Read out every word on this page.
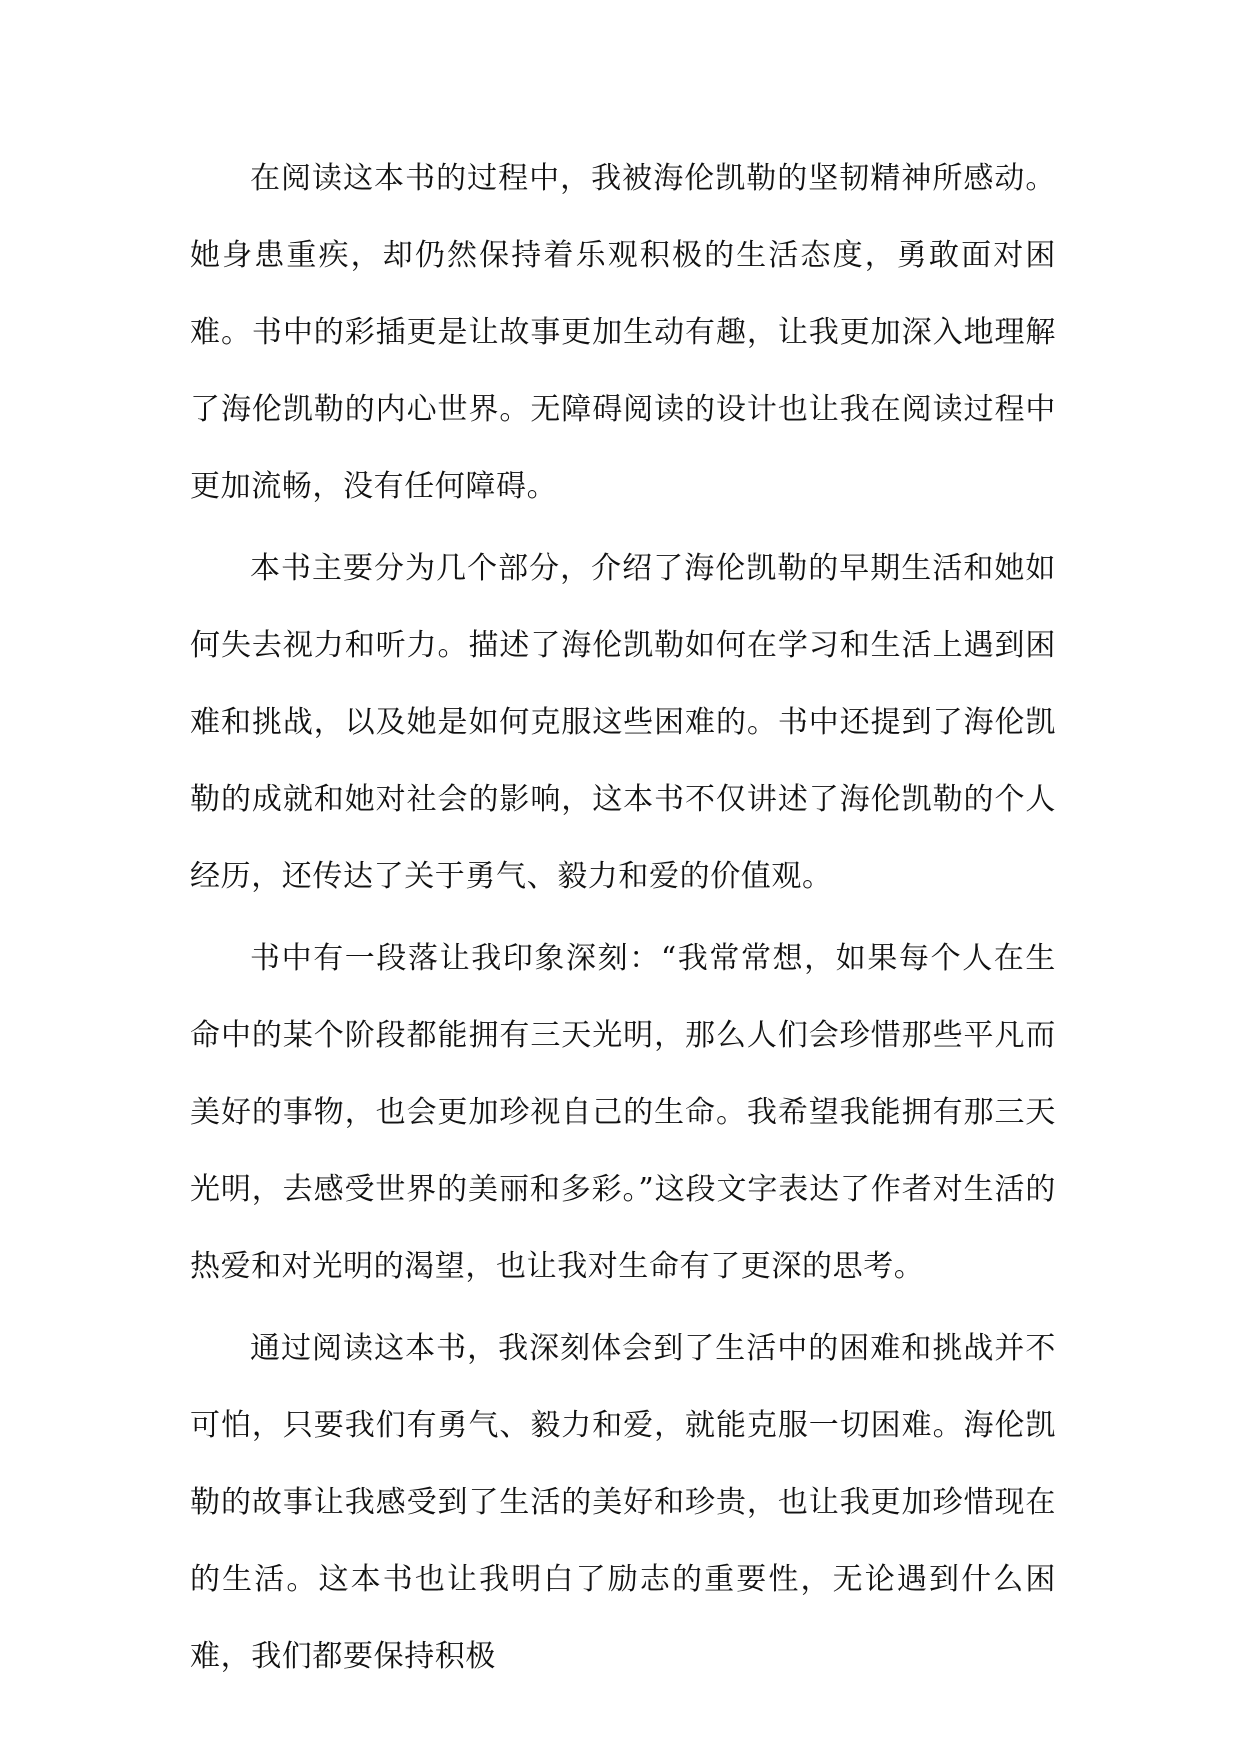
在阅读这本书的过程中，我被海伦凯勒的坚韧精神所感动。她身患重疾，却仍然保持着乐观积极的生活态度，勇敢面对困难。书中的彩插更是让故事更加生动有趣，让我更加深入地理解了海伦凯勒的内心世界。无障碍阅读的设计也让我在阅读过程中更加流畅，没有任何障碍。

本书主要分为几个部分，介绍了海伦凯勒的早期生活和她如何失去视力和听力。描述了海伦凯勒如何在学习和生活上遇到困难和挑战，以及她是如何克服这些困难的。书中还提到了海伦凯勒的成就和她对社会的影响，这本书不仅讲述了海伦凯勒的个人经历，还传达了关于勇气、毅力和爱的价值观。

书中有一段落让我印象深刻：“我常常想，如果每个人在生命中的某个阶段都能拥有三天光明，那么人们会珍惜那些平凡而美好的事物，也会更加珍视自己的生命。我希望我能拥有那三天光明，去感受世界的美丽和多彩。”这段文字表达了作者对生活的热爱和对光明的渴望，也让我对生命有了更深的思考。

通过阅读这本书，我深刻体会到了生活中的困难和挑战并不可怕，只要我们有勇气、毅力和爱，就能克服一切困难。海伦凯勒的故事让我感受到了生活的美好和珍贵，也让我更加珍惜现在的生活。这本书也让我明白了励志的重要性，无论遇到什么困难，我们都要保持积极
